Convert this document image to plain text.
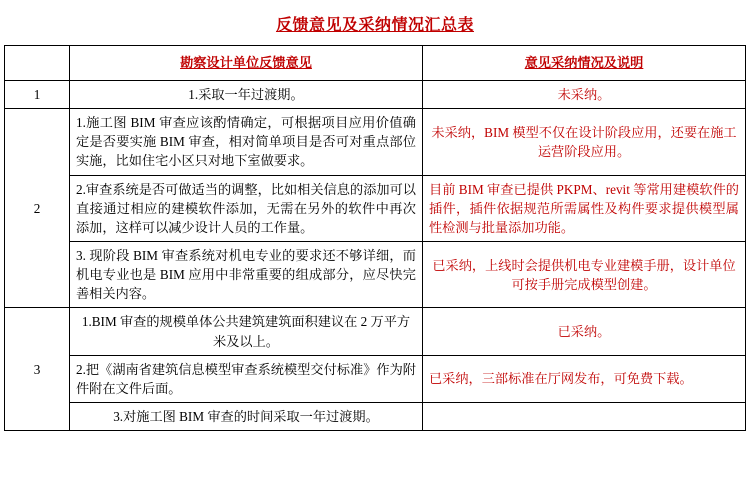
反馈意见及采纳情况汇总表
	勘察设计单位反馈意见	意见采纳情况及说明
1	1.采取一年过渡期。	未采纳。
2	1.施工图 BIM 审查应该酌情确定，可根据项目应用价值确定是否要实施 BIM 审查，相对简单项目是否可对重点部位实施，比如住宅小区只对地下室做要求。	未采纳，BIM 模型不仅在设计阶段应用，还要在施工运营阶段应用。
	2.审查系统是否可做适当的调整，比如相关信息的添加可以直接通过相应的建模软件添加，无需在另外的软件中再次添加，这样可以减少设计人员的工作量。	目前 BIM 审查已提供 PKPM、revit 等常用建模软件的插件，插件依据规范所需属性及构件要求提供模型属性检测与批量添加功能。
	3. 现阶段 BIM 审查系统对机电专业的要求还不够详细，而机电专业也是 BIM 应用中非常重要的组成部分，应尽快完善相关内容。	已采纳，上线时会提供机电专业建模手册，设计单位可按手册完成模型创建。
3	1.BIM 审查的规模单体公共建筑建筑面积建议在 2 万平方米及以上。	已采纳。
	2.把《湖南省建筑信息模型审查系统模型交付标准》作为附件附在文件后面。	已采纳，三部标准在厅网发布，可免费下载。
	3.对施工图 BIM 审查的时间采取一年过渡期。	
